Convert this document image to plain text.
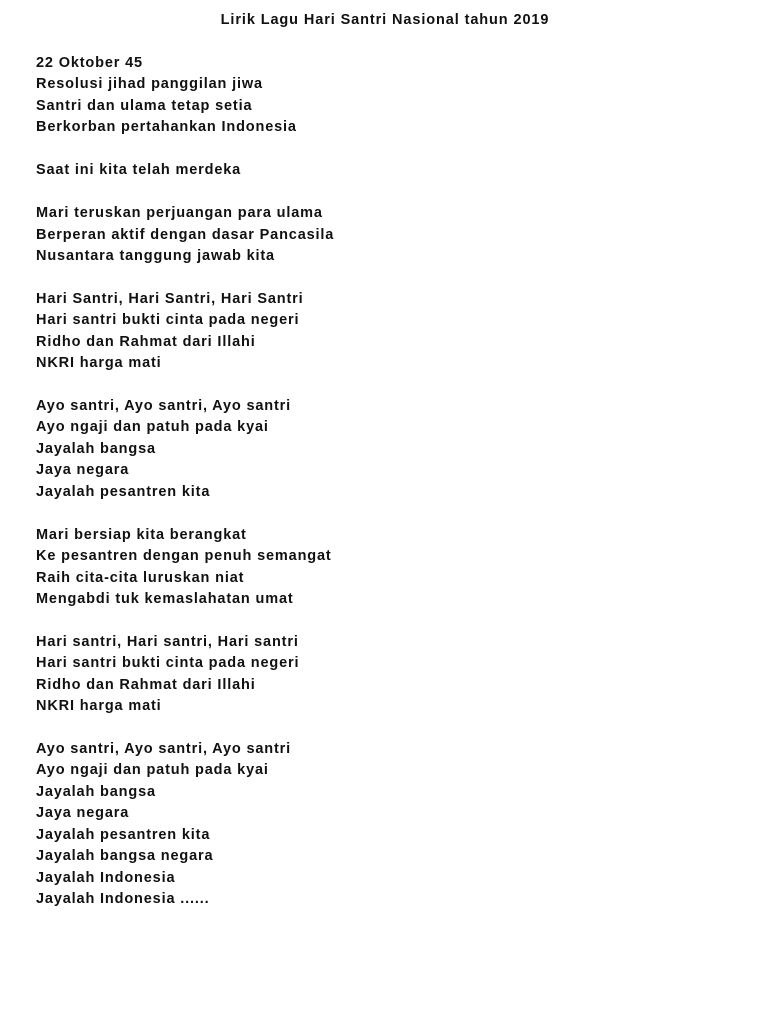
Lirik Lagu Hari Santri Nasional tahun 2019
22 Oktober 45
Resolusi jihad panggilan jiwa
Santri dan ulama tetap setia
Berkorban pertahankan Indonesia
Saat ini kita telah merdeka
Mari teruskan perjuangan para ulama
Berperan aktif dengan dasar Pancasila
Nusantara tanggung jawab kita
Hari Santri, Hari Santri, Hari Santri
Hari santri bukti cinta pada negeri
Ridho dan Rahmat dari Illahi
NKRI harga mati
Ayo santri, Ayo santri, Ayo santri
Ayo ngaji dan patuh pada kyai
Jayalah bangsa
Jaya negara
Jayalah pesantren kita
Mari bersiap kita berangkat
Ke pesantren dengan penuh semangat
Raih cita-cita luruskan niat
Mengabdi tuk kemaslahatan umat
Hari santri, Hari santri, Hari santri
Hari santri bukti cinta pada negeri
Ridho dan Rahmat dari Illahi
NKRI harga mati
Ayo santri, Ayo santri, Ayo santri
Ayo ngaji dan patuh pada kyai
Jayalah bangsa
Jaya negara
Jayalah pesantren kita
Jayalah bangsa negara
Jayalah Indonesia
Jayalah Indonesia ......
